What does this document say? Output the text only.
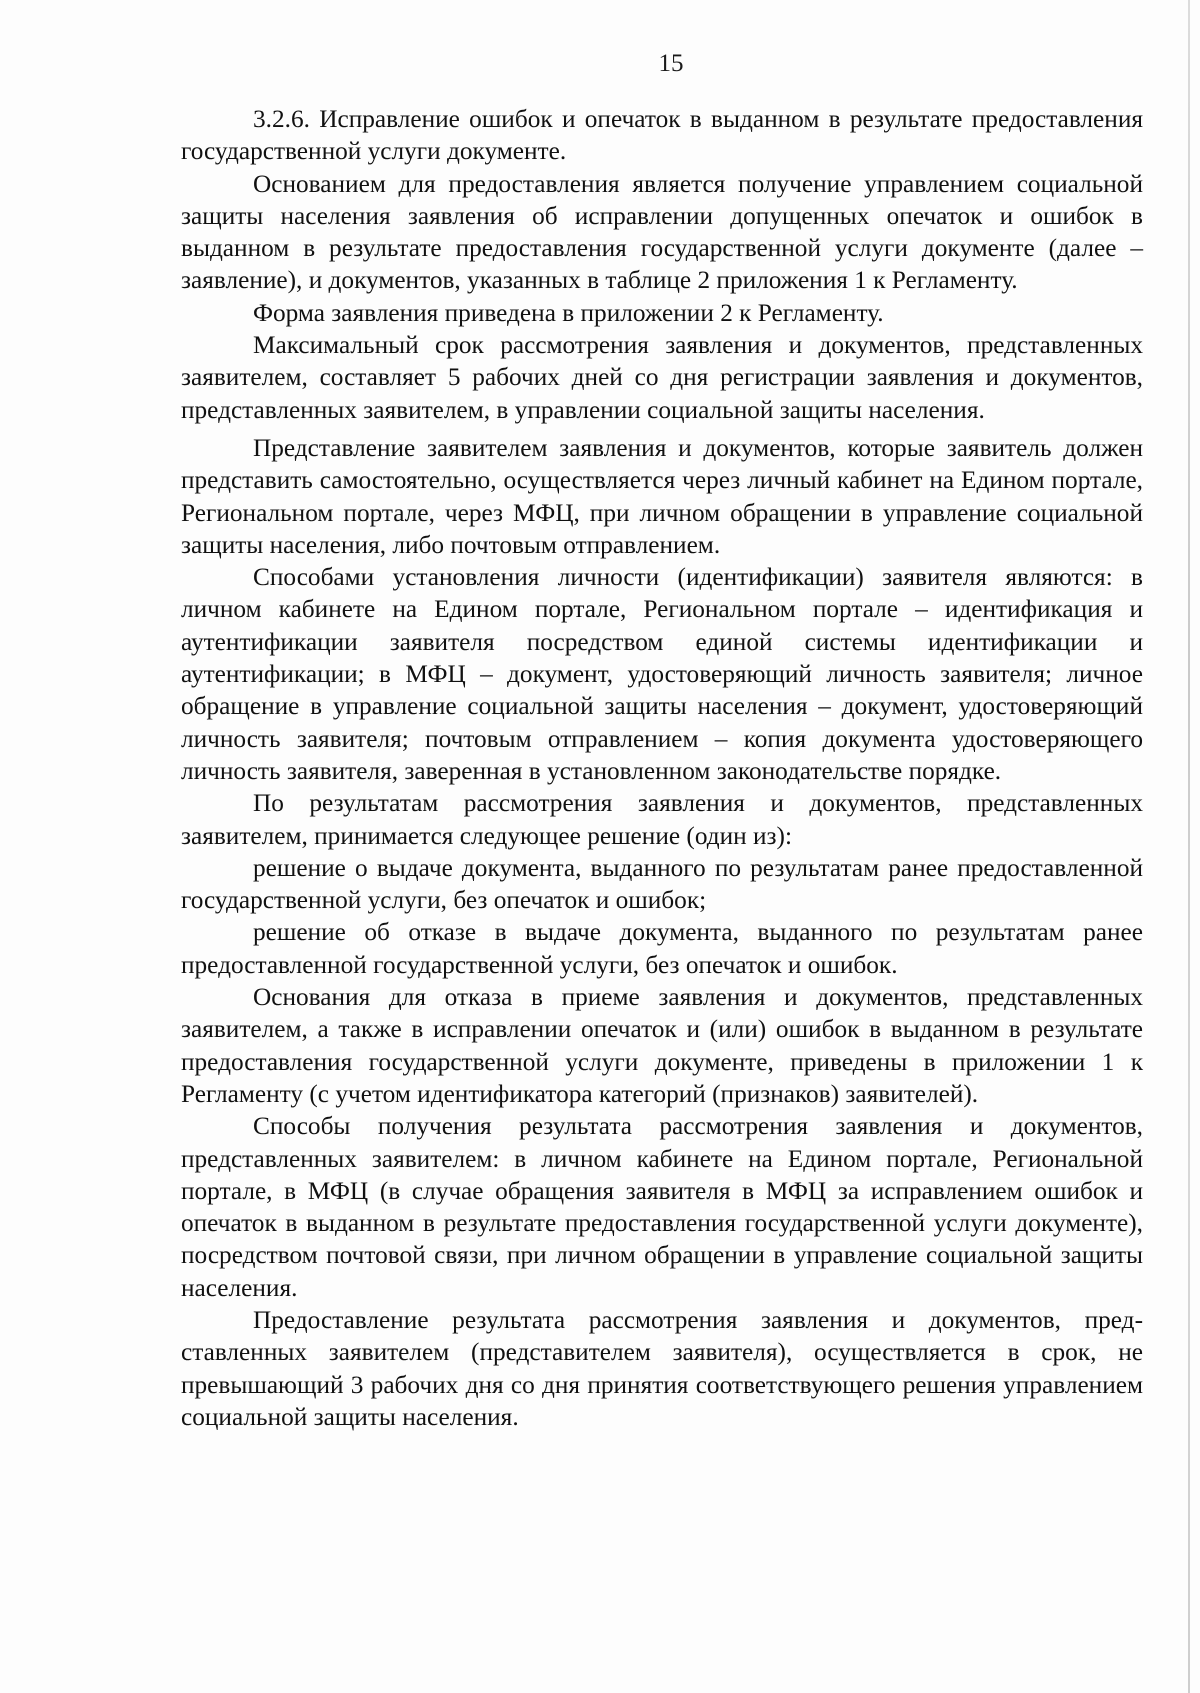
15

3.2.6. Исправление ошибок и опечаток в выданном в результате предоставления государственной услуги документе.

Основанием для предоставления является получение управлением социальной защиты населения заявления об исправлении допущенных опечаток и ошибок в выданном в результате предоставления государственной услуги документе (далее – заявление), и документов, указанных в таблице 2 приложения 1 к Регламенту.

Форма заявления приведена в приложении 2 к Регламенту.

Максимальный срок рассмотрения заявления и документов, представленных заявителем, составляет 5 рабочих дней со дня регистрации заявления и документов, представленных заявителем, в управлении социальной защиты населения.

Представление заявителем заявления и документов, которые заявитель должен представить самостоятельно, осуществляется через личный кабинет на Едином портале, Региональном портале, через МФЦ, при личном обращении в управление социальной защиты населения, либо почтовым отправлением.

Способами установления личности (идентификации) заявителя являются: в личном кабинете на Едином портале, Региональном портале – идентификация и аутентификации заявителя посредством единой системы идентификации и аутентификации; в МФЦ – документ, удостоверяющий личность заявителя; личное обращение в управление социальной защиты населения – документ, удостоверяющий личность заявителя; почтовым отправлением – копия документа удостоверяющего личность заявителя, заверенная в установленном законодательстве порядке.

По результатам рассмотрения заявления и документов, представленных заявителем, принимается следующее решение (один из):

решение о выдаче документа, выданного по результатам ранее предоставленной государственной услуги, без опечаток и ошибок;

решение об отказе в выдаче документа, выданного по результатам ранее предоставленной государственной услуги, без опечаток и ошибок.

Основания для отказа в приеме заявления и документов, представленных заявителем, а также в исправлении опечаток и (или) ошибок в выданном в результате предоставления государственной услуги документе, приведены в приложении 1 к Регламенту (с учетом идентификатора категорий (признаков) заявителей).

Способы получения результата рассмотрения заявления и документов, представленных заявителем: в личном кабинете на Едином портале, Региональной портале, в МФЦ (в случае обращения заявителя в МФЦ за исправлением ошибок и опечаток в выданном в результате предоставления государственной услуги документе), посредством почтовой связи, при личном обращении в управление социальной защиты населения.

Предоставление результата рассмотрения заявления и документов, представленных заявителем (представителем заявителя), осуществляется в срок, не превышающий 3 рабочих дня со дня принятия соответствующего решения управлением социальной защиты населения.
